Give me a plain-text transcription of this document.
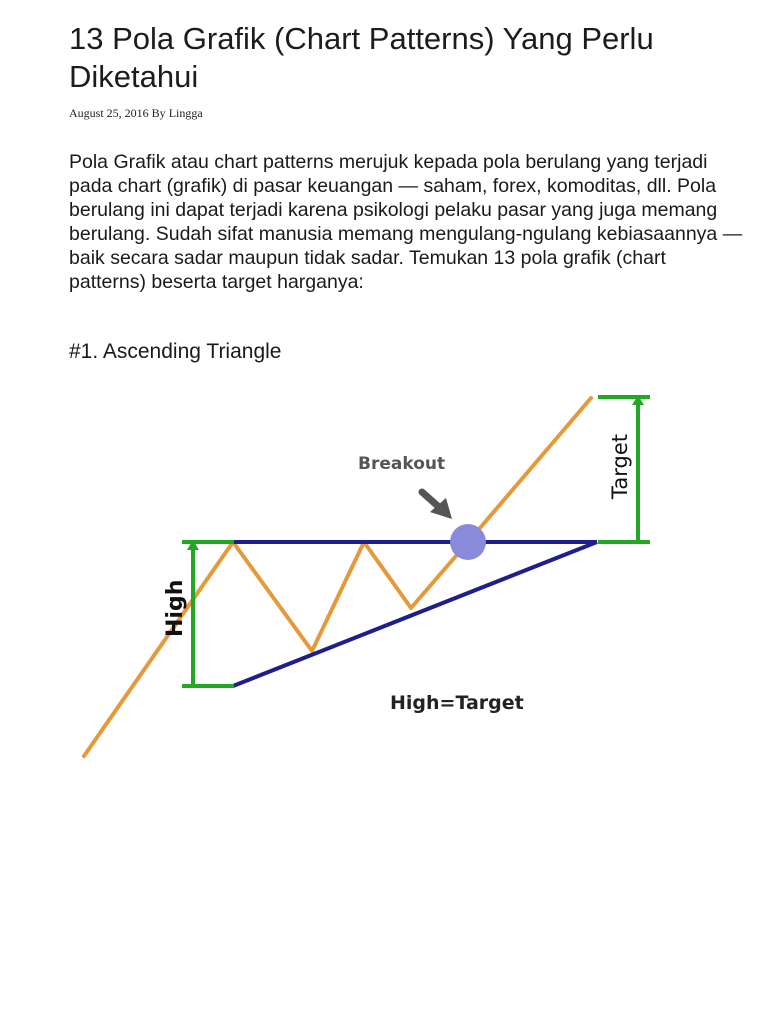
13 Pola Grafik (Chart Patterns) Yang Perlu Diketahui
August 25, 2016 By Lingga

Pola Grafik atau chart patterns merujuk kepada pola berulang yang terjadi pada chart (grafik) di pasar keuangan — saham, forex, komoditas, dll. Pola berulang ini dapat terjadi karena psikologi pelaku pasar yang juga memang berulang. Sudah sifat manusia memang mengulang-ngulang kebiasaannya — baik secara sadar maupun tidak sadar. Temukan 13 pola grafik (chart patterns) beserta target harganya:

#1. Ascending Triangle
Breakout	Target
High
High=Target
